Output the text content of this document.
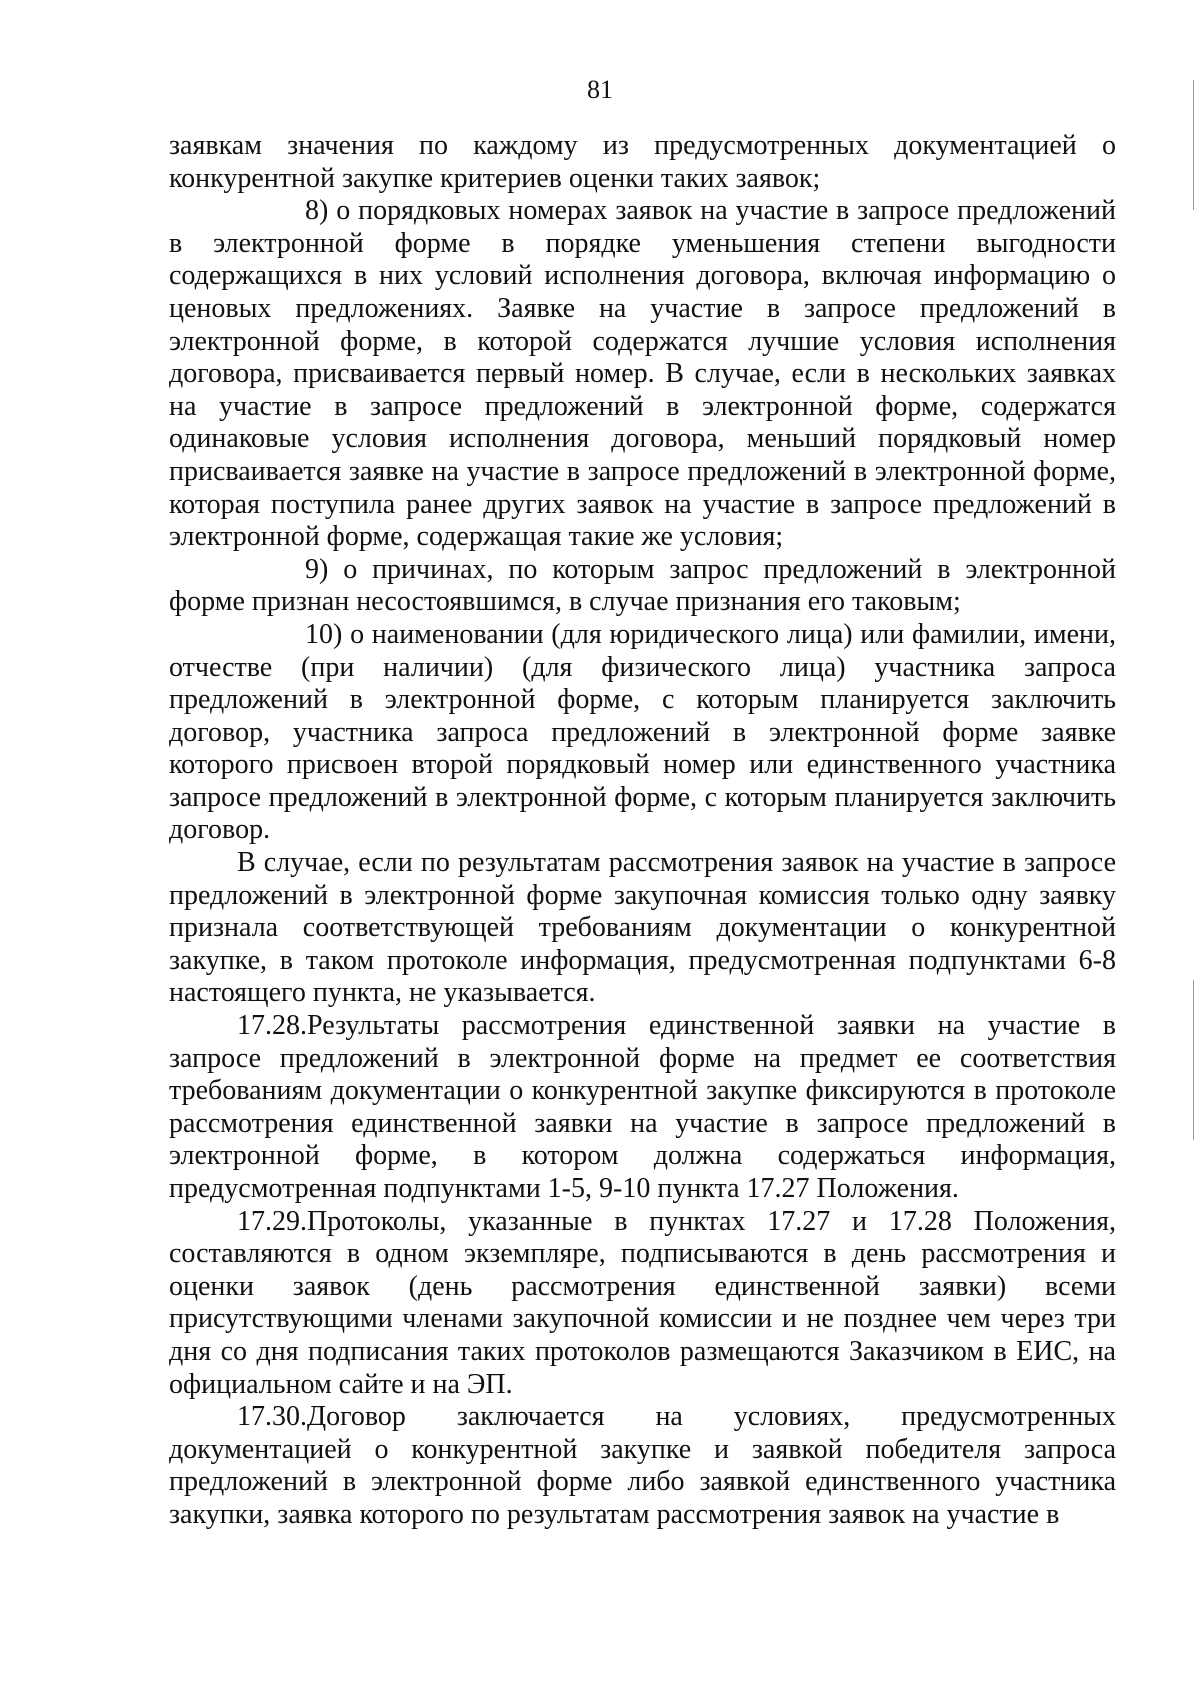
81

заявкам значения по каждому из предусмотренных документацией о конкурентной закупке критериев оценки таких заявок;

8) о порядковых номерах заявок на участие в запросе предложений в электронной форме в порядке уменьшения степени выгодности содержащихся в них условий исполнения договора, включая информацию о ценовых предложениях. Заявке на участие в запросе предложений в электронной форме, в которой содержатся лучшие условия исполнения договора, присваивается первый номер. В случае, если в нескольких заявках на участие в запросе предложений в электронной форме, содержатся одинаковые условия исполнения договора, меньший порядковый номер присваивается заявке на участие в запросе предложений в электронной форме, которая поступила ранее других заявок на участие в запросе предложений в электронной форме, содержащая такие же условия;

9) о причинах, по которым запрос предложений в электронной форме признан несостоявшимся, в случае признания его таковым;

10) о наименовании (для юридического лица) или фамилии, имени, отчестве (при наличии) (для физического лица) участника запроса предложений в электронной форме, с которым планируется заключить договор, участника запроса предложений в электронной форме заявке которого присвоен второй порядковый номер или единственного участника запросе предложений в электронной форме, с которым планируется заключить договор.

В случае, если по результатам рассмотрения заявок на участие в запросе предложений в электронной форме закупочная комиссия только одну заявку признала соответствующей требованиям документации о конкурентной закупке, в таком протоколе информация, предусмотренная подпунктами 6-8 настоящего пункта, не указывается.

17.28.Результаты рассмотрения единственной заявки на участие в запросе предложений в электронной форме на предмет ее соответствия требованиям документации о конкурентной закупке фиксируются в протоколе рассмотрения единственной заявки на участие в запросе предложений в электронной форме, в котором должна содержаться информация, предусмотренная подпунктами 1-5, 9-10 пункта 17.27 Положения.

17.29.Протоколы, указанные в пунктах 17.27 и 17.28 Положения, составляются в одном экземпляре, подписываются в день рассмотрения и оценки заявок (день рассмотрения единственной заявки) всеми присутствующими членами закупочной комиссии и не позднее чем через три дня со дня подписания таких протоколов размещаются Заказчиком в ЕИС, на официальном сайте и на ЭП.

17.30.Договор заключается на условиях, предусмотренных документацией о конкурентной закупке и заявкой победителя запроса предложений в электронной форме либо заявкой единственного участника закупки, заявка которого по результатам рассмотрения заявок на участие в
